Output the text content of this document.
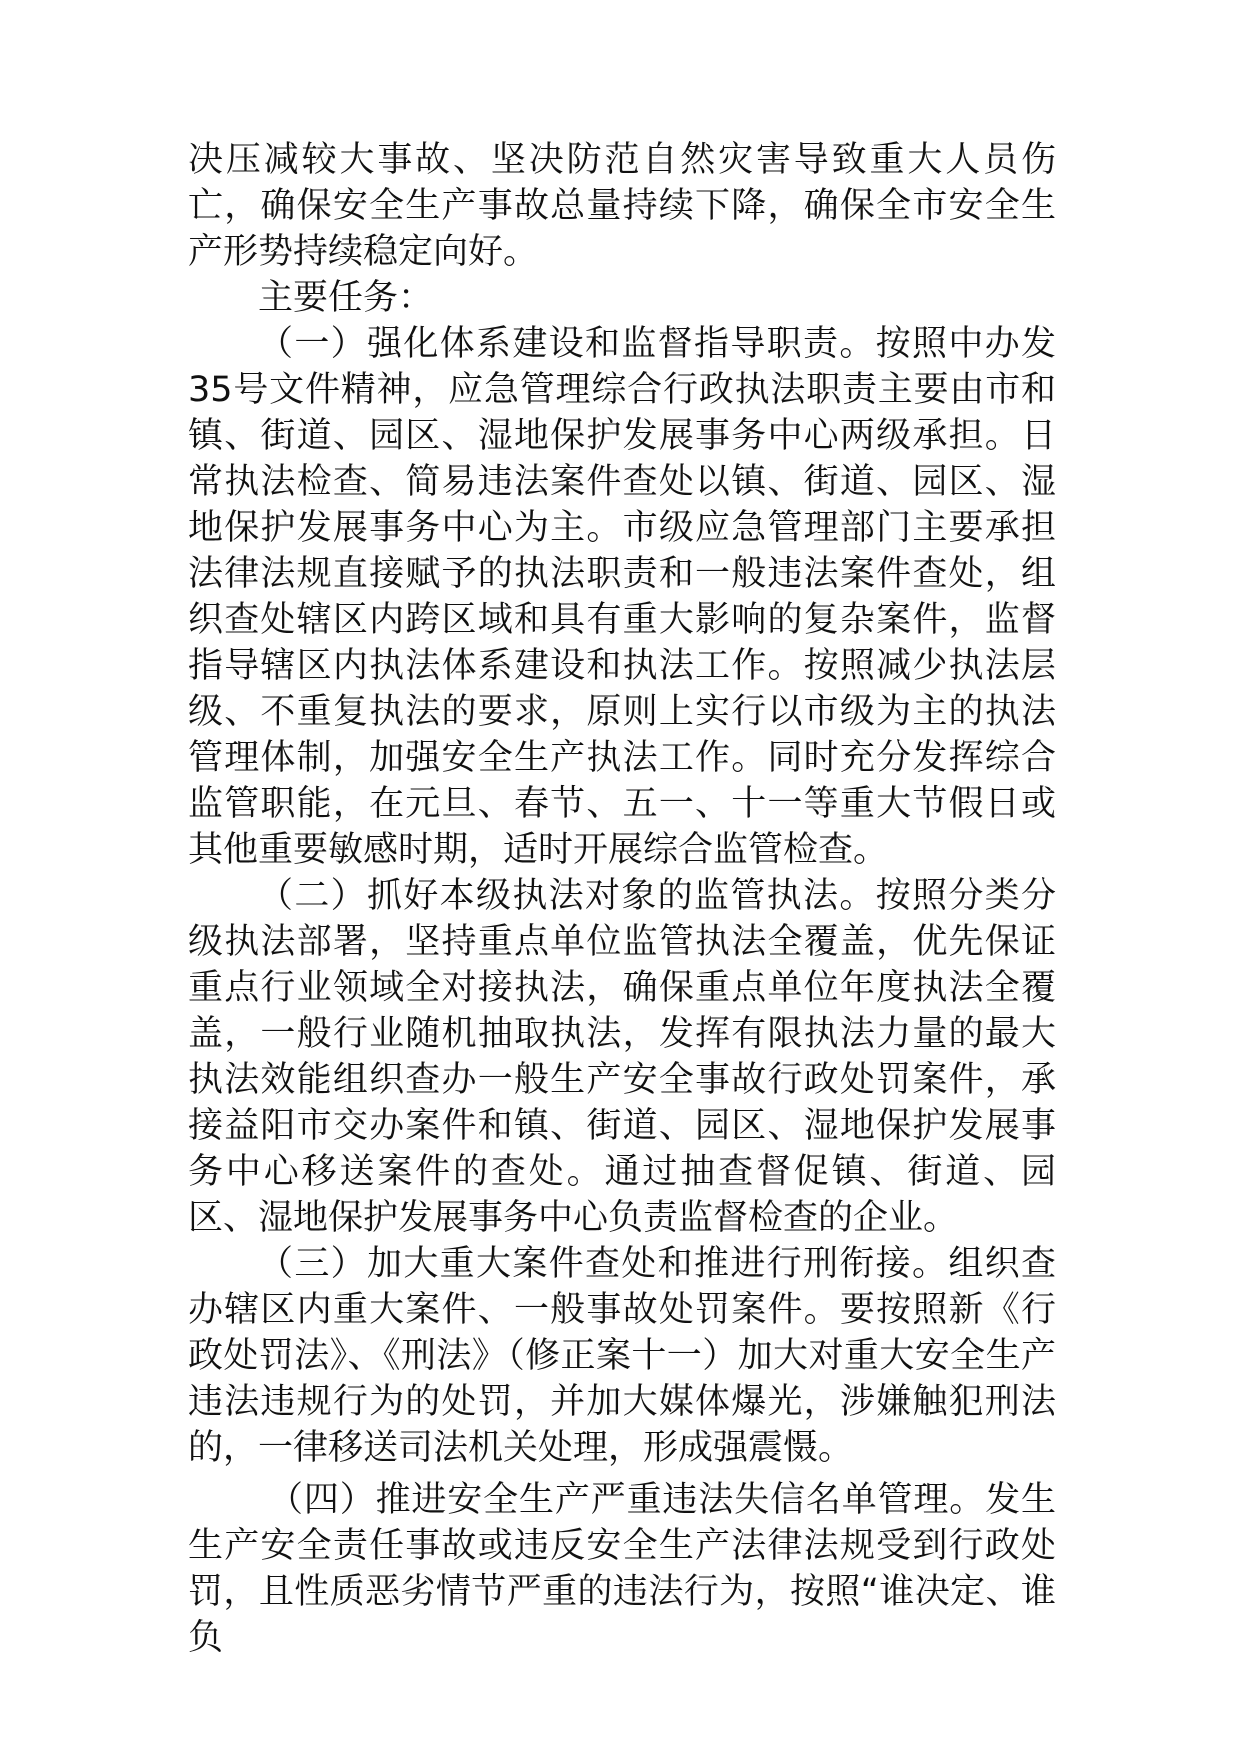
决压减较大事故、坚决防范自然灾害导致重大人员伤亡，确保安全生产事故总量持续下降，确保全市安全生产形势持续稳定向好。

主要任务：

（一）强化体系建设和监督指导职责。按照中办发35号文件精神，应急管理综合行政执法职责主要由市和镇、街道、园区、湿地保护发展事务中心两级承担。日常执法检查、简易违法案件查处以镇、街道、园区、湿地保护发展事务中心为主。市级应急管理部门主要承担法律法规直接赋予的执法职责和一般违法案件查处，组织查处辖区内跨区域和具有重大影响的复杂案件，监督指导辖区内执法体系建设和执法工作。按照减少执法层级、不重复执法的要求，原则上实行以市级为主的执法管理体制，加强安全生产执法工作。同时充分发挥综合监管职能，在元旦、春节、五一、十一等重大节假日或其他重要敏感时期，适时开展综合监管检查。

（二）抓好本级执法对象的监管执法。按照分类分级执法部署，坚持重点单位监管执法全覆盖，优先保证重点行业领域全对接执法，确保重点单位年度执法全覆盖，一般行业随机抽取执法，发挥有限执法力量的最大执法效能组织查办一般生产安全事故行政处罚案件，承接益阳市交办案件和镇、街道、园区、湿地保护发展事务中心移送案件的查处。通过抽查督促镇、街道、园区、湿地保护发展事务中心负责监督检查的企业。

（三）加大重大案件查处和推进行刑衔接。组织查办辖区内重大案件、一般事故处罚案件。要按照新《行政处罚法》、《刑法》（修正案十一）加大对重大安全生产违法违规行为的处罚，并加大媒体爆光，涉嫌触犯刑法的，一律移送司法机关处理，形成强震慑。

（四）推进安全生产严重违法失信名单管理。发生生产安全责任事故或违反安全生产法律法规受到行政处罚，且性质恶劣情节严重的违法行为，按照“谁决定、谁负
